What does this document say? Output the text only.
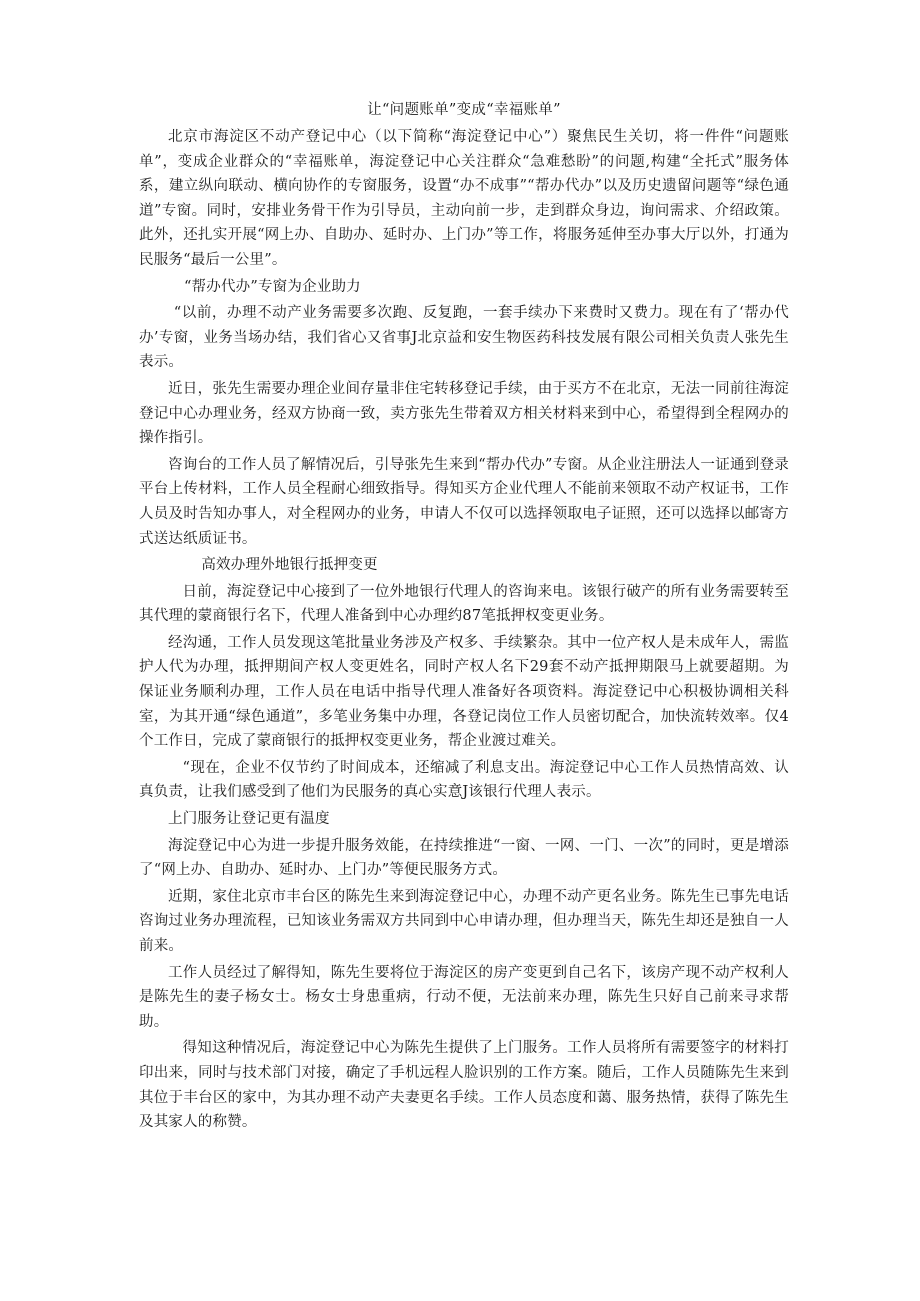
让“问题账单”变成“幸福账单”

北京市海淀区不动产登记中心（以下简称“海淀登记中心”）聚焦民生关切，将一件件“问题账单”，变成企业群众的“幸福账单，海淀登记中心关注群众“急难愁盼”的问题,构建“全托式”服务体系，建立纵向联动、横向协作的专窗服务，设置“办不成事”“帮办代办”以及历史遗留问题等“绿色通道”专窗。同时，安排业务骨干作为引导员，主动向前一步，走到群众身边，询问需求、介绍政策。此外，还扎实开展“网上办、自助办、延时办、上门办”等工作，将服务延伸至办事大厅以外，打通为民服务“最后一公里”。

“帮办代办”专窗为企业助力

“以前，办理不动产业务需要多次跑、反复跑，一套手续办下来费时又费力。现在有了‘帮办代办’专窗，业务当场办结，我们省心又省事J北京益和安生物医药科技发展有限公司相关负责人张先生表示。

近日，张先生需要办理企业间存量非住宅转移登记手续，由于买方不在北京，无法一同前往海淀登记中心办理业务，经双方协商一致，卖方张先生带着双方相关材料来到中心，希望得到全程网办的操作指引。

咨询台的工作人员了解情况后，引导张先生来到“帮办代办”专窗。从企业注册法人一证通到登录平台上传材料，工作人员全程耐心细致指导。得知买方企业代理人不能前来领取不动产权证书，工作人员及时告知办事人，对全程网办的业务，申请人不仅可以选择领取电子证照，还可以选择以邮寄方式送达纸质证书。

高效办理外地银行抵押变更

日前，海淀登记中心接到了一位外地银行代理人的咨询来电。该银行破产的所有业务需要转至其代理的蒙商银行名下，代理人准备到中心办理约87笔抵押权变更业务。

经沟通，工作人员发现这笔批量业务涉及产权多、手续繁杂。其中一位产权人是未成年人，需监护人代为办理，抵押期间产权人变更姓名，同时产权人名下29套不动产抵押期限马上就要超期。为保证业务顺利办理，工作人员在电话中指导代理人准备好各项资料。海淀登记中心积极协调相关科室，为其开通“绿色通道”，多笔业务集中办理，各登记岗位工作人员密切配合，加快流转效率。仅4个工作日，完成了蒙商银行的抵押权变更业务，帮企业渡过难关。

“现在，企业不仅节约了时间成本，还缩减了利息支出。海淀登记中心工作人员热情高效、认真负责，让我们感受到了他们为民服务的真心实意J该银行代理人表示。

上门服务让登记更有温度

海淀登记中心为进一步提升服务效能，在持续推进“一窗、一网、一门、一次”的同时，更是增添了“网上办、自助办、延时办、上门办”等便民服务方式。

近期，家住北京市丰台区的陈先生来到海淀登记中心，办理不动产更名业务。陈先生已事先电话咨询过业务办理流程，已知该业务需双方共同到中心申请办理，但办理当天，陈先生却还是独自一人前来。

工作人员经过了解得知，陈先生要将位于海淀区的房产变更到自己名下，该房产现不动产权利人是陈先生的妻子杨女士。杨女士身患重病，行动不便，无法前来办理，陈先生只好自己前来寻求帮助。

得知这种情况后，海淀登记中心为陈先生提供了上门服务。工作人员将所有需要签字的材料打印出来，同时与技术部门对接，确定了手机远程人脸识别的工作方案。随后，工作人员随陈先生来到其位于丰台区的家中，为其办理不动产夫妻更名手续。工作人员态度和蔼、服务热情，获得了陈先生及其家人的称赞。
